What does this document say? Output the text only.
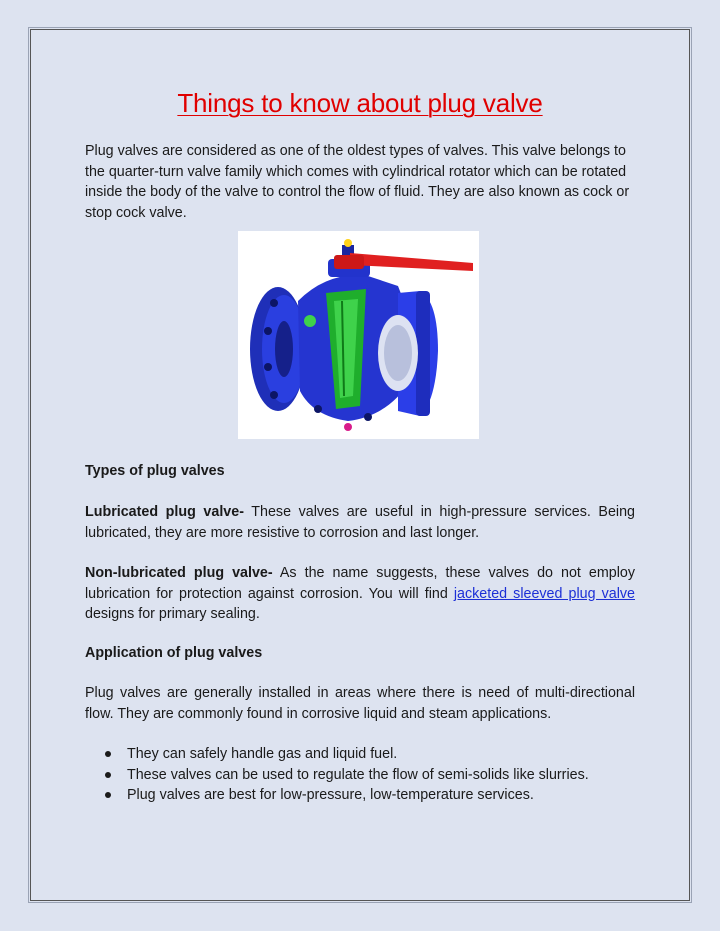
Things to know about plug valve

Plug valves are considered as one of the oldest types of valves. This valve belongs to the quarter-turn valve family which comes with cylindrical rotator which can be rotated inside the body of the valve to control the flow of fluid. They are also known as cock or stop cock valve.

Types of plug valves

Lubricated plug valve- These valves are useful in high-pressure services. Being lubricated, they are more resistive to corrosion and last longer.

Non-lubricated plug valve- As the name suggests, these valves do not employ lubrication for protection against corrosion. You will find jacketed sleeved plug valve designs for primary sealing.

Application of plug valves

Plug valves are generally installed in areas where there is need of multi-directional flow. They are commonly found in corrosive liquid and steam applications.

They can safely handle gas and liquid fuel.
These valves can be used to regulate the flow of semi-solids like slurries.
Plug valves are best for low-pressure, low-temperature services.
